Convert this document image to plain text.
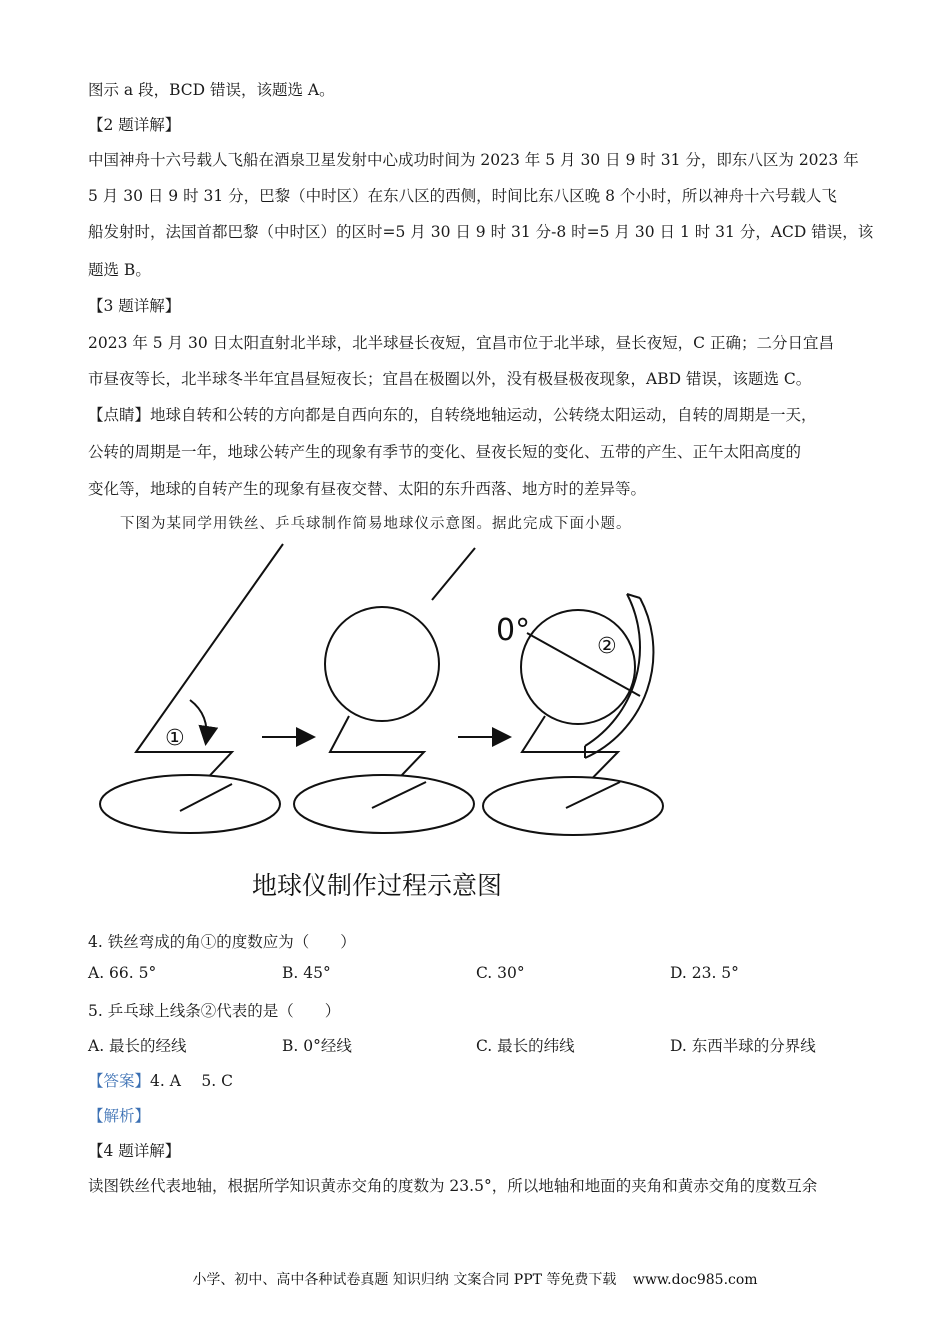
图示 a 段，BCD 错误，该题选 A。
【2 题详解】
中国神舟十六号载人飞船在酒泉卫星发射中心成功时间为 2023 年 5 月 30 日 9 时 31 分，即东八区为 2023 年
5 月 30 日 9 时 31 分，巴黎（中时区）在东八区的西侧，时间比东八区晚 8 个小时，所以神舟十六号载人飞
船发射时，法国首都巴黎（中时区）的区时=5 月 30 日 9 时 31 分-8 时=5 月 30 日 1 时 31 分，ACD 错误，该
题选 B。
【3 题详解】
2023 年 5 月 30 日太阳直射北半球，北半球昼长夜短，宜昌市位于北半球，昼长夜短，C 正确；二分日宜昌
市昼夜等长，北半球冬半年宜昌昼短夜长；宜昌在极圈以外，没有极昼极夜现象，ABD 错误，该题选 C。
【点睛】地球自转和公转的方向都是自西向东的，自转绕地轴运动，公转绕太阳运动，自转的周期是一天，
公转的周期是一年，地球公转产生的现象有季节的变化、昼夜长短的变化、五带的产生、正午太阳高度的
变化等，地球的自转产生的现象有昼夜交替、太阳的东升西落、地方时的差异等。
下图为某同学用铁丝、乒乓球制作简易地球仪示意图。据此完成下面小题。
①
②
0°
地球仪制作过程示意图
4. 铁丝弯成的角①的度数应为（　　）
A. 66. 5°	B. 45°	C. 30°	D. 23. 5°
5. 乒乓球上线条②代表的是（　　）
A. 最长的经线	B. 0°经线	C. 最长的纬线	D. 东西半球的分界线
【答案】4. A　 5. C
【解析】
【4 题详解】
读图铁丝代表地轴，根据所学知识黄赤交角的度数为 23.5°，所以地轴和地面的夹角和黄赤交角的度数互余
小学、初中、高中各种试卷真题 知识归纳 文案合同 PPT 等免费下载 www.doc985.com
